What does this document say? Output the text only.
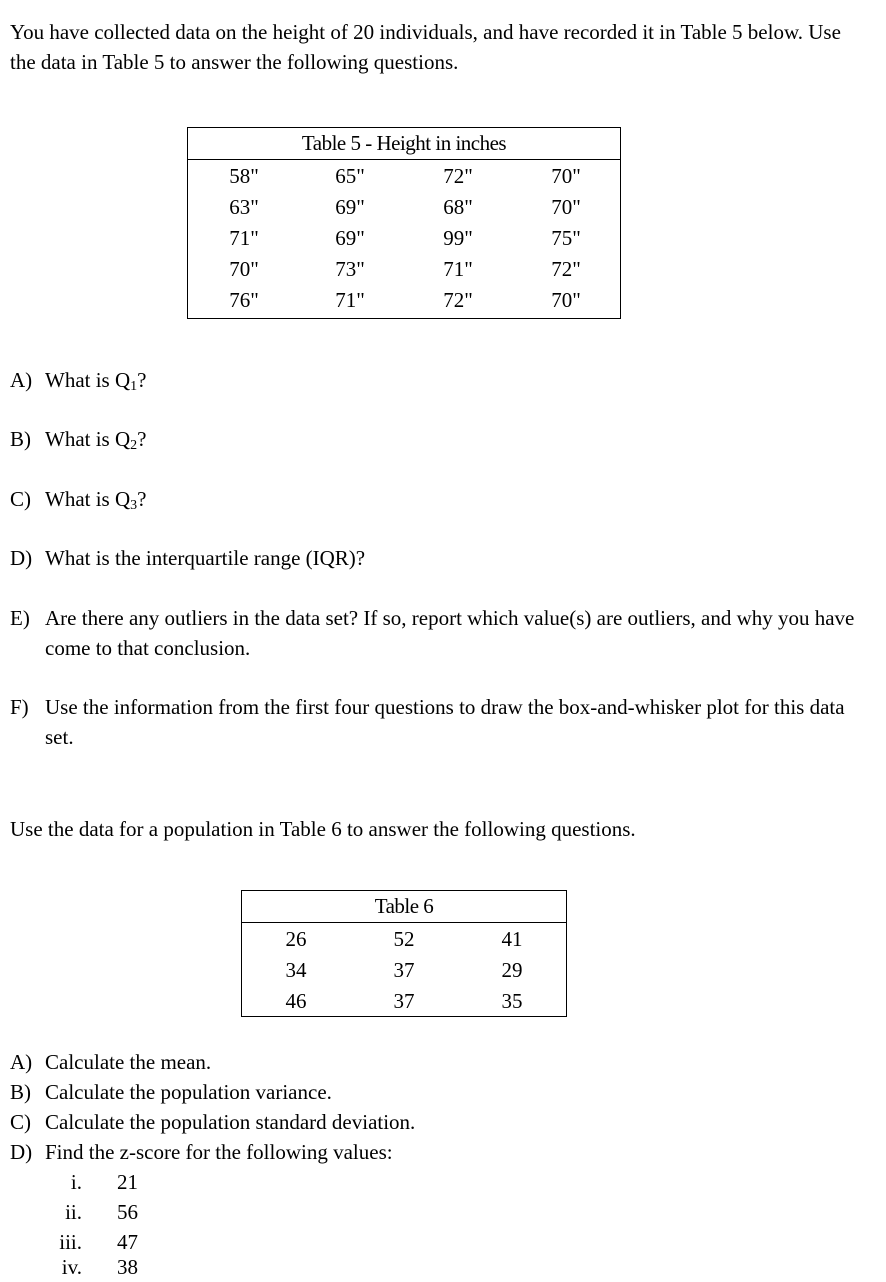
You have collected data on the height of 20 individuals, and have recorded it in Table 5 below. Use the data in Table 5 to answer the following questions.
Table 5 - Height in inches
58"	65"	72"	70"
63"	69"	68"	70"
71"	69"	99"	75"
70"	73"	71"	72"
76"	71"	72"	70"
A) What is $Q_1$?
B) What is $Q_2$?
C) What is $Q_3$?
D) What is the interquartile range (IQR)?
E) Are there any outliers in the data set? If so, report which value(s) are outliers, and why you have come to that conclusion.
F) Use the information from the first four questions to draw the box-and-whisker plot for this data set.
Use the data for a population in Table 6 to answer the following questions.
Table 6
26	52	41
34	37	29
46	37	35
A) Calculate the mean.
B) Calculate the population variance.
C) Calculate the population standard deviation.
D) Find the z-score for the following values:
i. 21
ii. 56
iii. 47
iv. 38
